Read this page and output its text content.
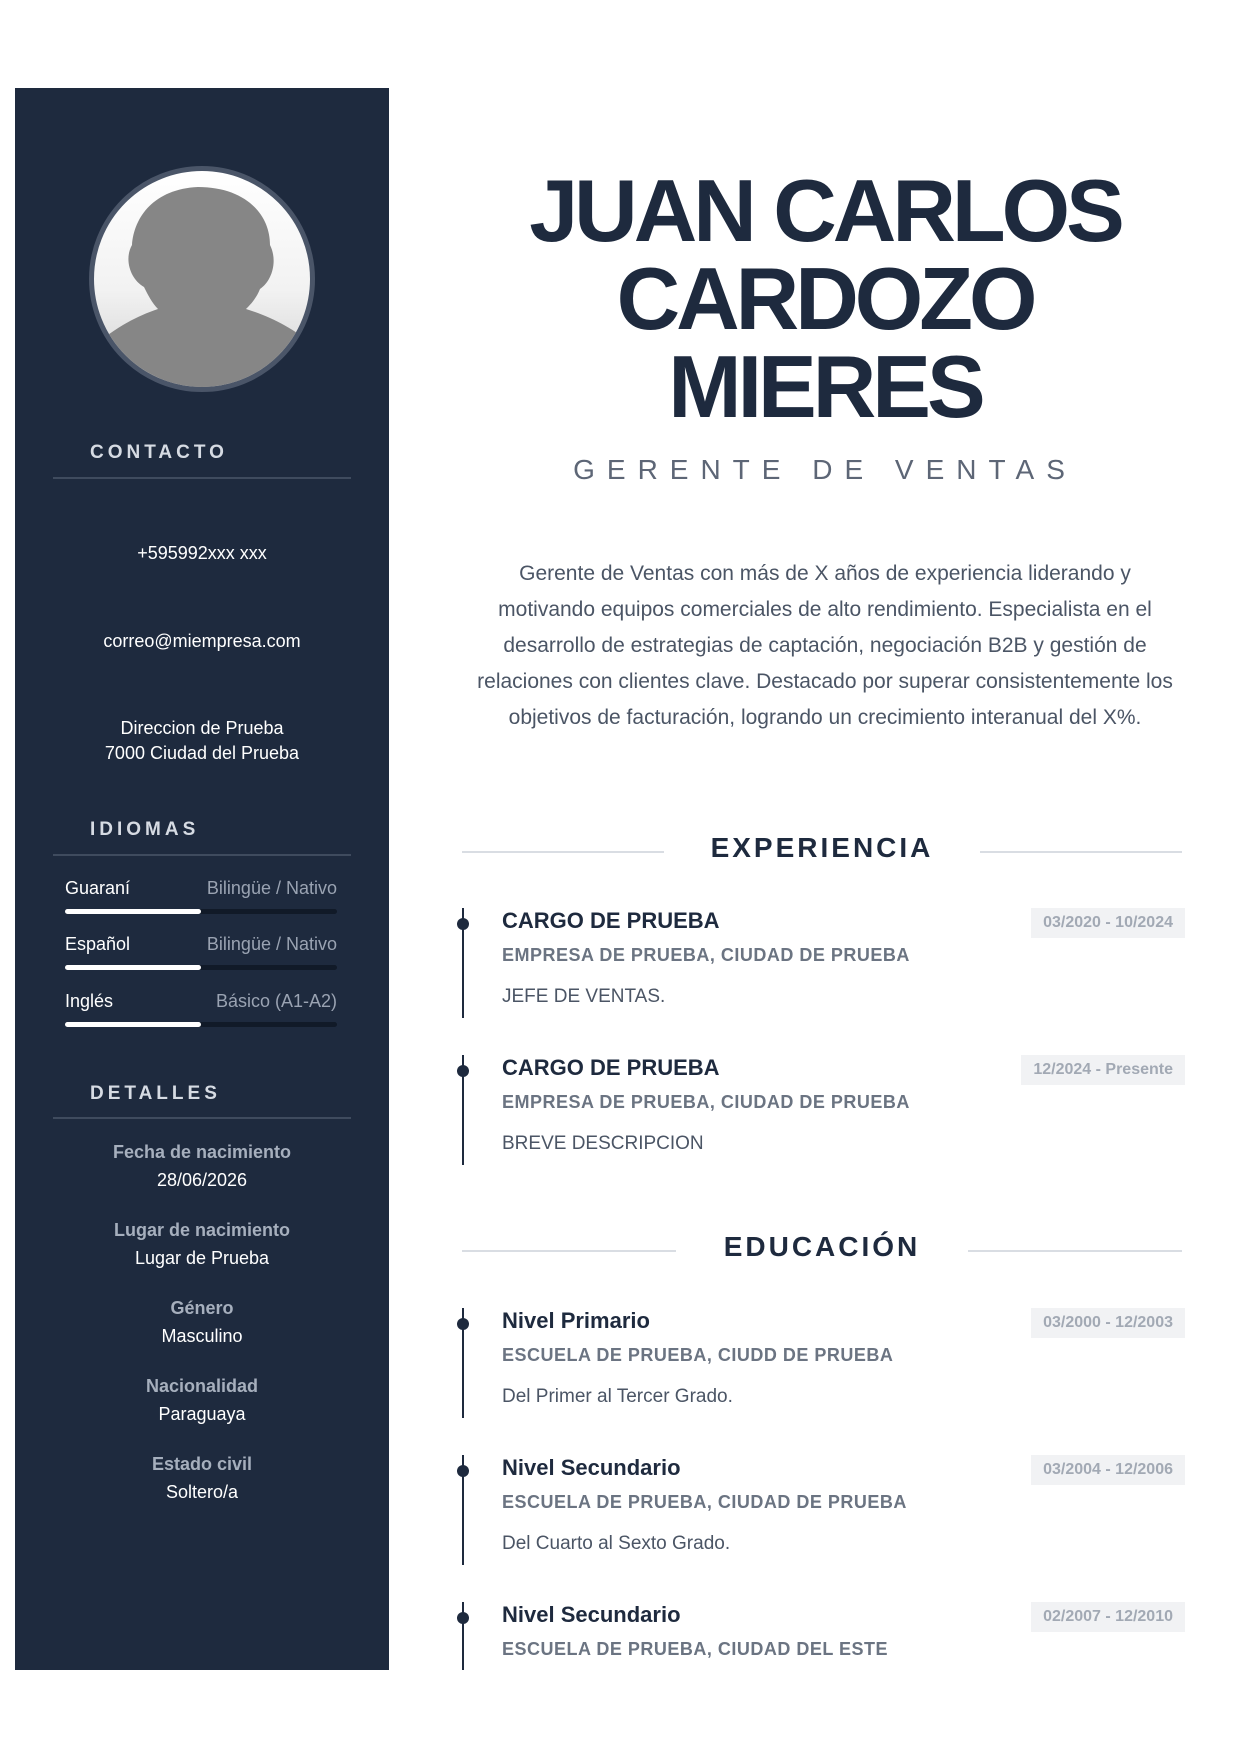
CONTACTO
+595992xxx xxx
correo@miempresa.com
Direccion de Prueba
7000 Ciudad del Prueba
IDIOMAS
Guaraní	Bilingüe / Nativo
Español	Bilingüe / Nativo
Inglés	Básico (A1-A2)
DETALLES
Fecha de nacimiento
28/06/2026
Lugar de nacimiento
Lugar de Prueba
Género
Masculino
Nacionalidad
Paraguaya
Estado civil
Soltero/a
JUAN CARLOS
CARDOZO
MIERES
GERENTE DE VENTAS

Gerente de Ventas con más de X años de experiencia liderando y motivando equipos comerciales de alto rendimiento. Especialista en el desarrollo de estrategias de captación, negociación B2B y gestión de relaciones con clientes clave. Destacado por superar consistentemente los objetivos de facturación, logrando un crecimiento interanual del X%.

EXPERIENCIA
CARGO DE PRUEBA
EMPRESA DE PRUEBA, CIUDAD DE PRUEBA
JEFE DE VENTAS.
03/2020 - 10/2024
CARGO DE PRUEBA
EMPRESA DE PRUEBA, CIUDAD DE PRUEBA
BREVE DESCRIPCION
12/2024 - Presente
EDUCACIÓN
Nivel Primario
ESCUELA DE PRUEBA, CIUDD DE PRUEBA
Del Primer al Tercer Grado.
03/2000 - 12/2003
Nivel Secundario
ESCUELA DE PRUEBA, CIUDAD DE PRUEBA
Del Cuarto al Sexto Grado.
03/2004 - 12/2006
Nivel Secundario
ESCUELA DE PRUEBA, CIUDAD DEL ESTE
02/2007 - 12/2010
